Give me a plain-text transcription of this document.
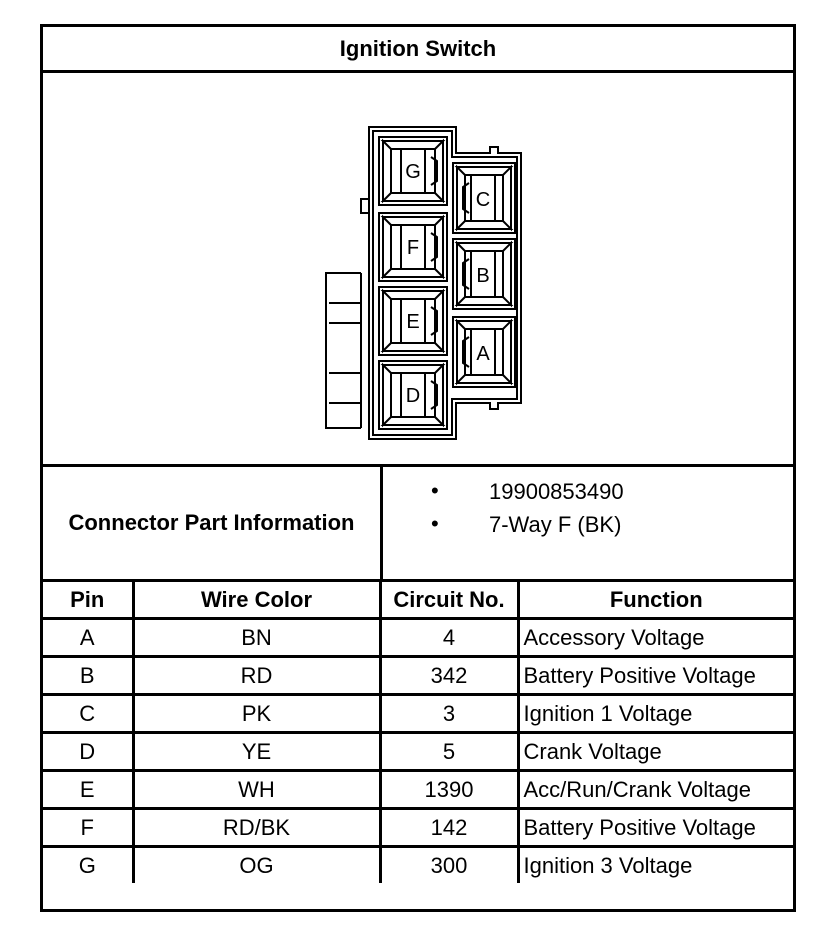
Ignition Switch
G
F
E
D
C
B
A
Connector Part Information
• 19900853490
• 7-Way F (BK)
Pin	Wire Color	Circuit No.	Function
A	BN	4	Accessory Voltage
B	RD	342	Battery Positive Voltage
C	PK	3	Ignition 1 Voltage
D	YE	5	Crank Voltage
E	WH	1390	Acc/Run/Crank Voltage
F	RD/BK	142	Battery Positive Voltage
G	OG	300	Ignition 3 Voltage
